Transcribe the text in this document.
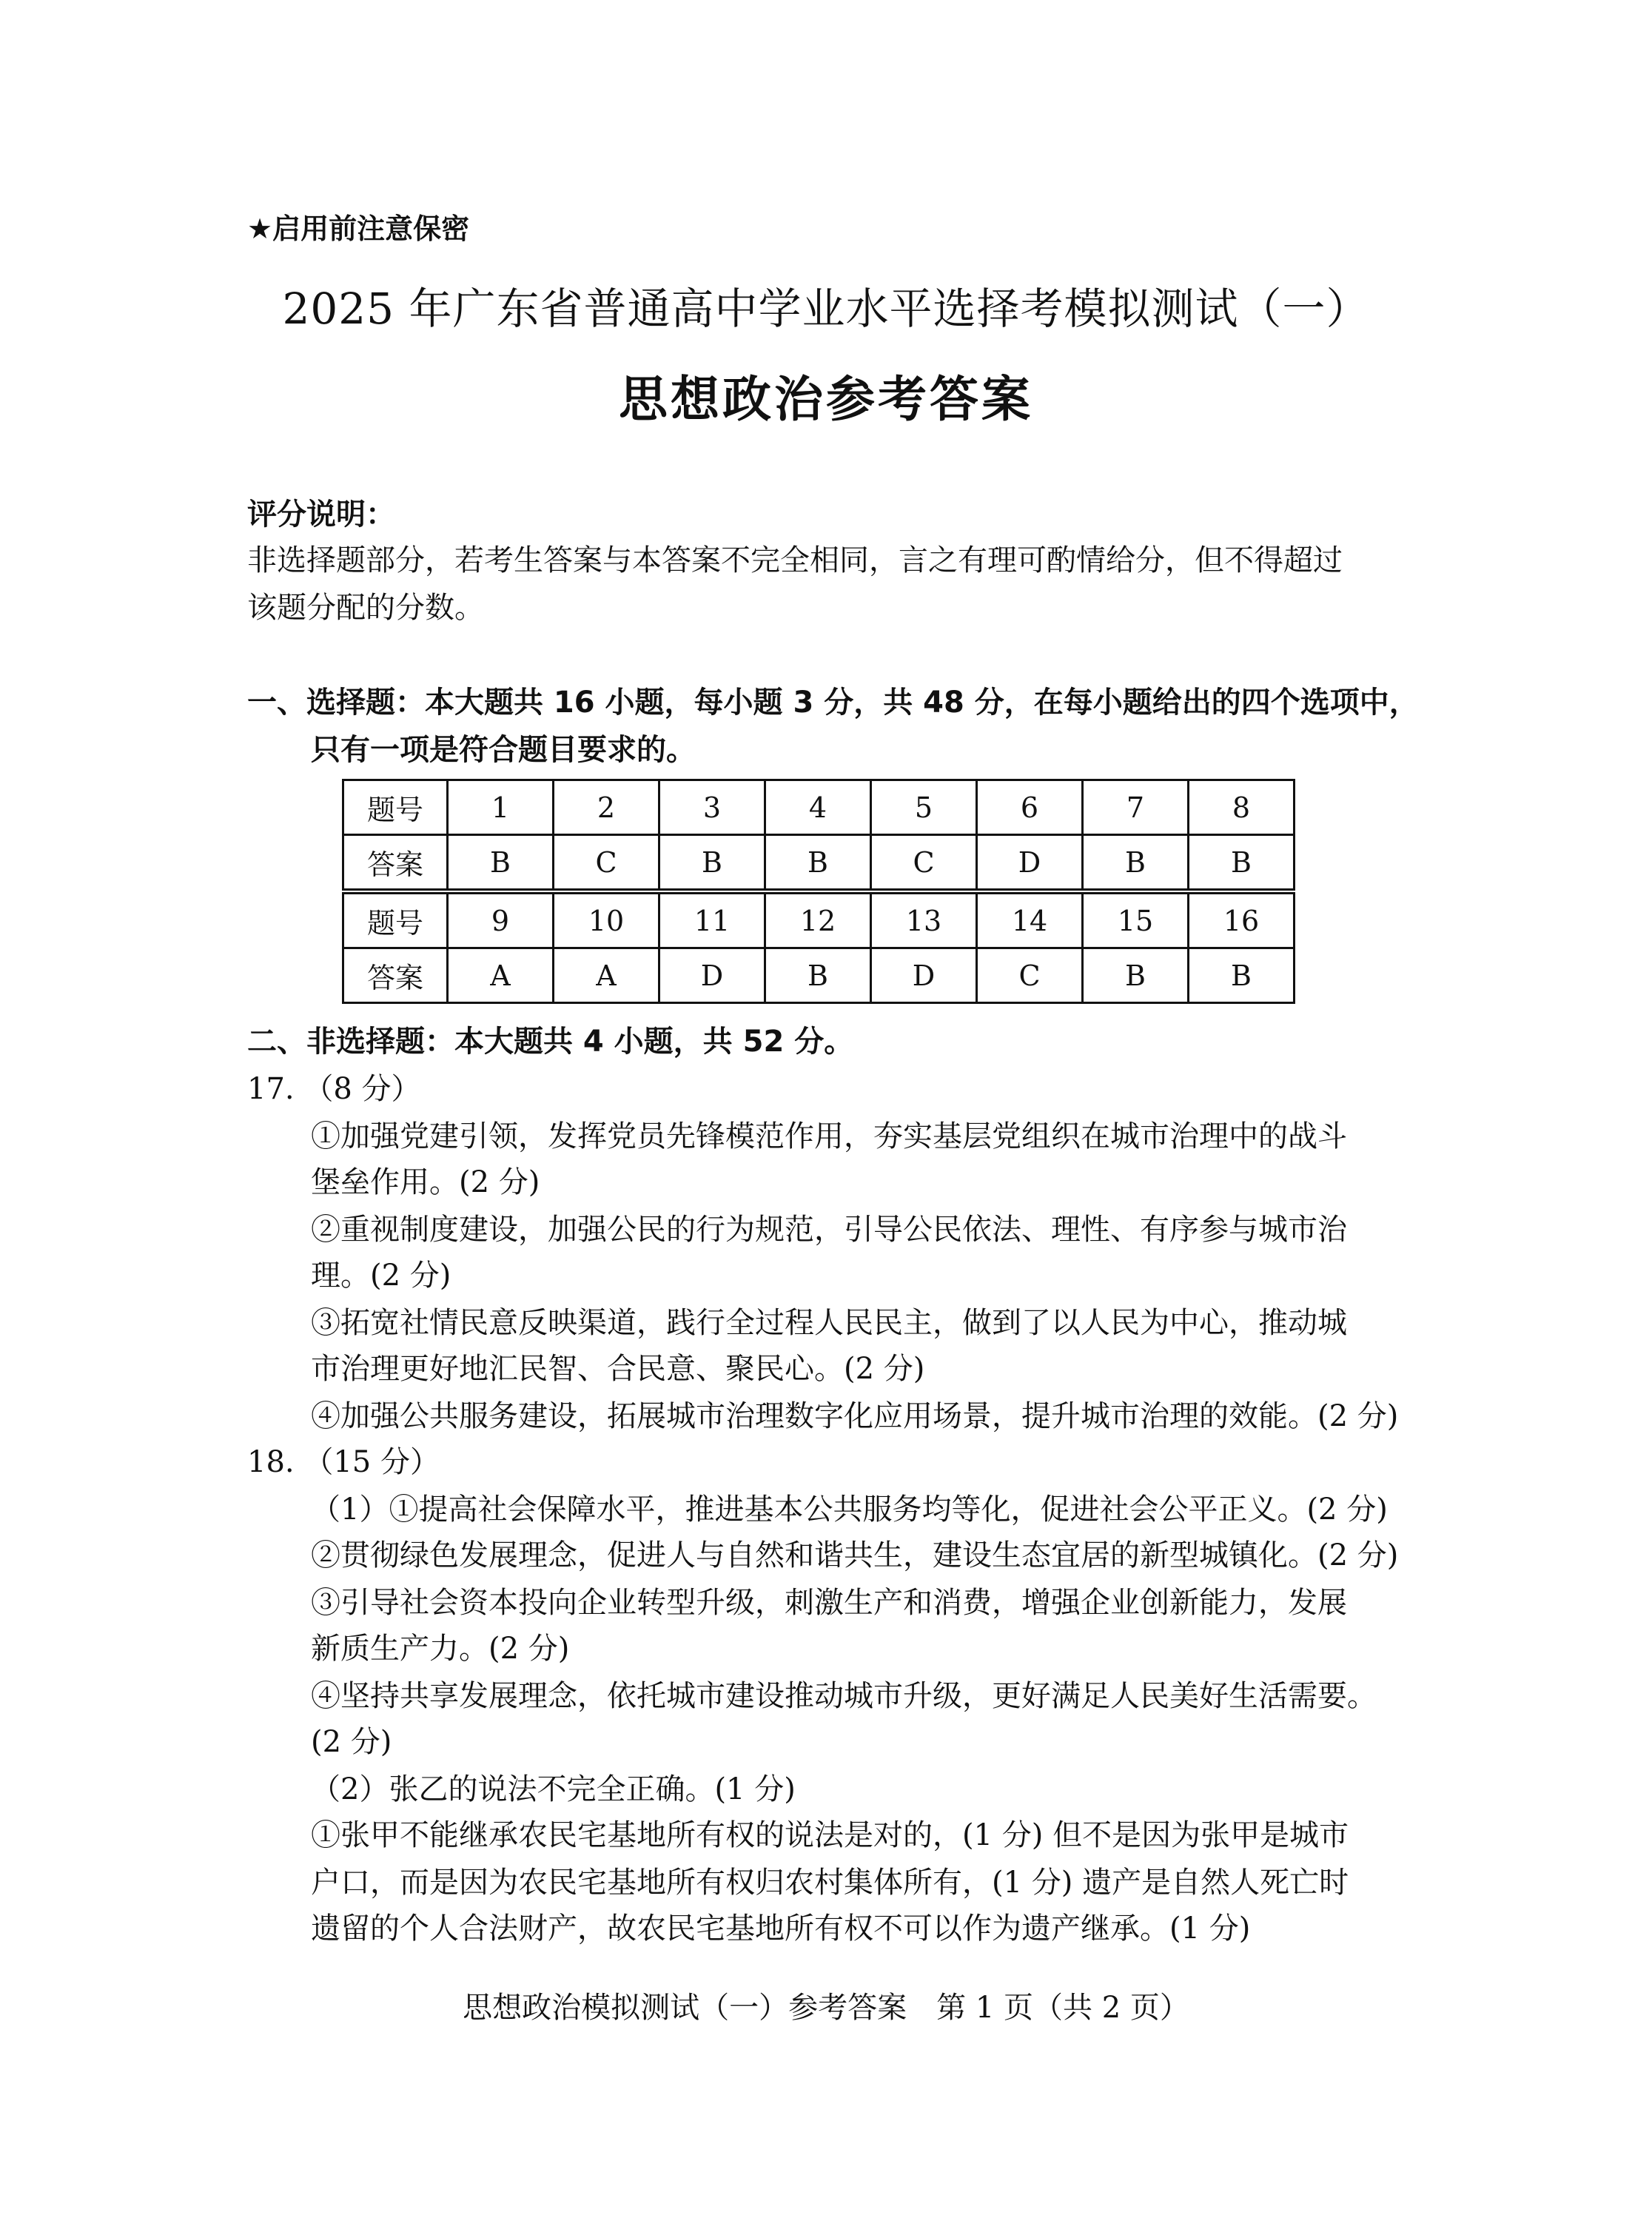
★启用前注意保密
2025 年广东省普通高中学业水平选择考模拟测试（一）
思想政治参考答案
评分说明：
非选择题部分，若考生答案与本答案不完全相同，言之有理可酌情给分，但不得超过
该题分配的分数。
一、选择题：本大题共 16 小题，每小题 3 分，共 48 分，在每小题给出的四个选项中，
只有一项是符合题目要求的。
题号	1	2	3	4	5	6	7	8
答案	B	C	B	B	C	D	B	B
题号	9	10	11	12	13	14	15	16
答案	A	A	D	B	D	C	B	B
二、非选择题：本大题共 4 小题，共 52 分。
17. （8 分）
①加强党建引领，发挥党员先锋模范作用，夯实基层党组织在城市治理中的战斗
堡垒作用。(2 分)
②重视制度建设，加强公民的行为规范，引导公民依法、理性、有序参与城市治
理。(2 分)
③拓宽社情民意反映渠道，践行全过程人民民主，做到了以人民为中心，推动城
市治理更好地汇民智、合民意、聚民心。(2 分)
④加强公共服务建设，拓展城市治理数字化应用场景，提升城市治理的效能。(2 分)
18. （15 分）
（1）①提高社会保障水平，推进基本公共服务均等化，促进社会公平正义。(2 分)
②贯彻绿色发展理念，促进人与自然和谐共生，建设生态宜居的新型城镇化。(2 分)
③引导社会资本投向企业转型升级，刺激生产和消费，增强企业创新能力，发展
新质生产力。(2 分)
④坚持共享发展理念，依托城市建设推动城市升级，更好满足人民美好生活需要。
(2 分)
（2）张乙的说法不完全正确。(1 分)
①张甲不能继承农民宅基地所有权的说法是对的，(1 分) 但不是因为张甲是城市
户口，而是因为农民宅基地所有权归农村集体所有，(1 分) 遗产是自然人死亡时
遗留的个人合法财产，故农民宅基地所有权不可以作为遗产继承。(1 分)
思想政治模拟测试（一）参考答案　第 1 页（共 2 页）
